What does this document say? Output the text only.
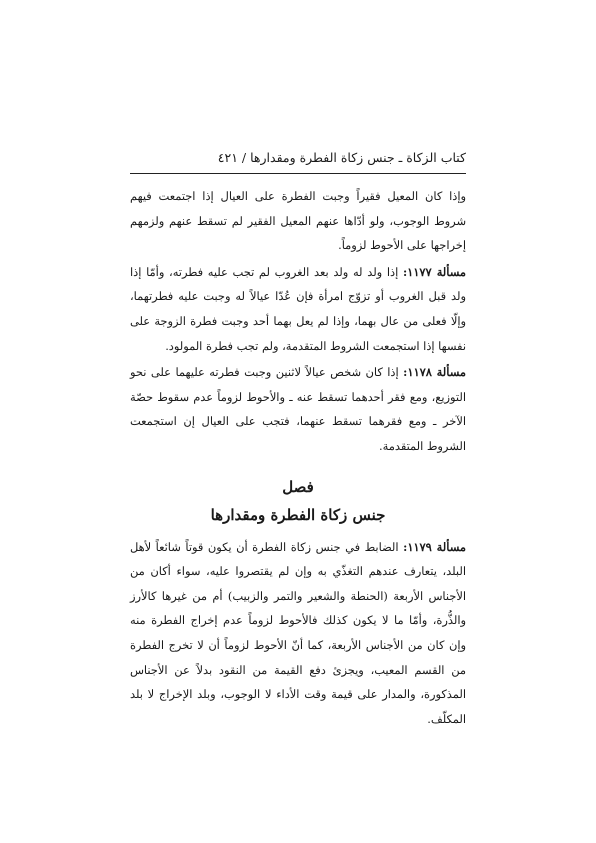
كتاب الزكاة ـ جنس زكاة الفطرة ومقدارها / ٤٢١

وإذا كان المعيل فقيراً وجبت الفطرة على العيال إذا اجتمعت فيهم شروط الوجوب، ولو أدّاها عنهم المعيل الفقير لم تسقط عنهم ولزمهم إخراجها على الأحوط لزوماً.

مسألة ١١٧٧: إذا ولد له ولد بعد الغروب لم تجب عليه فطرته، وأمّا إذا ولد قبل الغروب أو تزوّج امرأة فإن عُدّا عيالاً له وجبت عليه فطرتهما، وإلّا فعلى من عال بهما، وإذا لم يعل بهما أحد وجبت فطرة الزوجة على نفسها إذا استجمعت الشروط المتقدمة، ولم تجب فطرة المولود.

مسألة ١١٧٨: إذا كان شخص عيالاً لاثنين وجبت فطرته عليهما على نحو التوزيع، ومع فقر أحدهما تسقط عنه ـ والأحوط لزوماً عدم سقوط حصّة الآخر ـ ومع فقرهما تسقط عنهما، فتجب على العيال إن استجمعت الشروط المتقدمة.

فصل

جنس زكاة الفطرة ومقدارها

مسألة ١١٧٩: الضابط في جنس زكاة الفطرة أن يكون قوتاً شائعاً لأهل البلد، يتعارف عندهم التغذّي به وإن لم يقتصروا عليه، سواء أكان من الأجناس الأربعة (الحنطة والشعير والتمر والزبيب) أم من غيرها كالأرز والذُّرة، وأمّا ما لا يكون كذلك فالأحوط لزوماً عدم إخراج الفطرة منه وإن كان من الأجناس الأربعة، كما أنّ الأحوط لزوماً أن لا تخرج الفطرة من القسم المعيب، ويجزئ دفع القيمة من النقود بدلاً عن الأجناس المذكورة، والمدار على قيمة وقت الأداء لا الوجوب، وبلد الإخراج لا بلد المكلّف.
